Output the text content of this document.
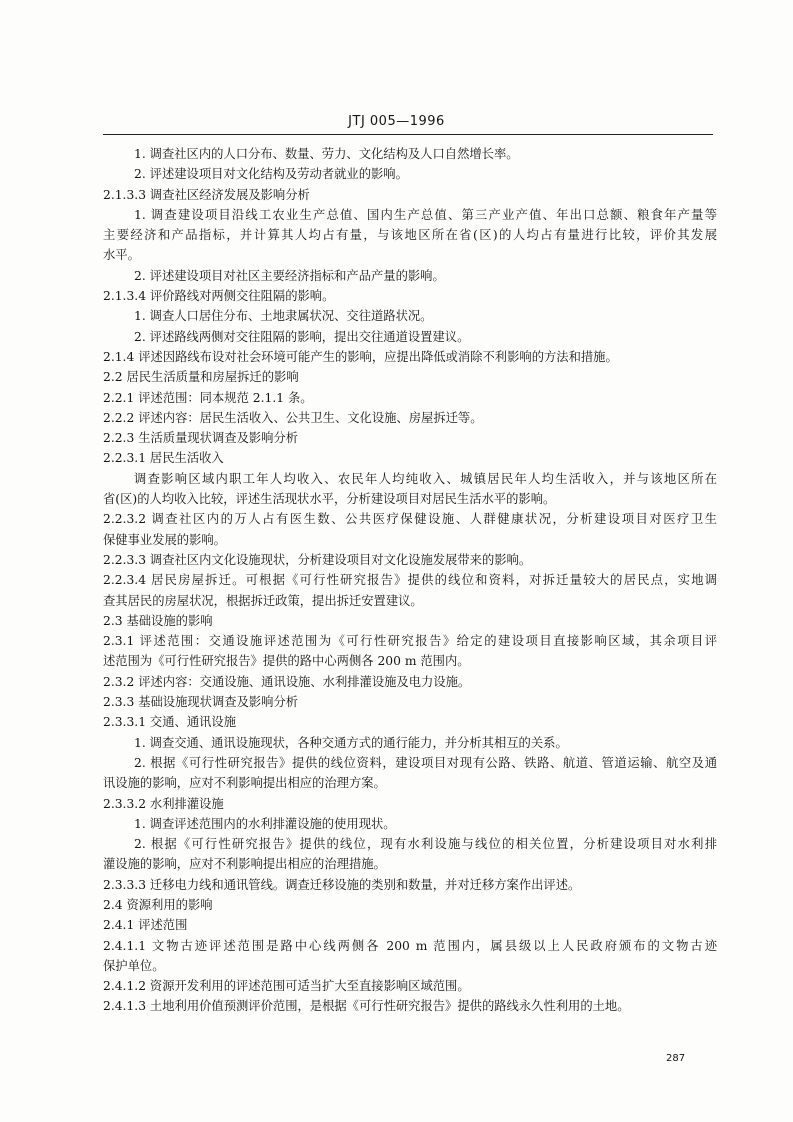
JTJ 005—1996
1. 调查社区内的人口分布、数量、劳力、文化结构及人口自然增长率。
2. 评述建设项目对文化结构及劳动者就业的影响。
2.1.3.3 调查社区经济发展及影响分析
1. 调查建设项目沿线工农业生产总值、国内生产总值、第三产业产值、年出口总额、粮食年产量等
主要经济和产品指标，并计算其人均占有量，与该地区所在省(区)的人均占有量进行比较，评价其发展
水平。
2. 评述建设项目对社区主要经济指标和产品产量的影响。
2.1.3.4 评价路线对两侧交往阻隔的影响。
1. 调查人口居住分布、土地隶属状况、交往道路状况。
2. 评述路线两侧对交往阻隔的影响，提出交往通道设置建议。
2.1.4 评述因路线布设对社会环境可能产生的影响，应提出降低或消除不利影响的方法和措施。
2.2 居民生活质量和房屋拆迁的影响
2.2.1 评述范围：同本规范 2.1.1 条。
2.2.2 评述内容：居民生活收入、公共卫生、文化设施、房屋拆迁等。
2.2.3 生活质量现状调查及影响分析
2.2.3.1 居民生活收入
调查影响区域内职工年人均收入、农民年人均纯收入、城镇居民年人均生活收入，并与该地区所在
省(区)的人均收入比较，评述生活现状水平，分析建设项目对居民生活水平的影响。
2.2.3.2 调查社区内的万人占有医生数、公共医疗保健设施、人群健康状况，分析建设项目对医疗卫生
保健事业发展的影响。
2.2.3.3 调查社区内文化设施现状，分析建设项目对文化设施发展带来的影响。
2.2.3.4 居民房屋拆迁。可根据《可行性研究报告》提供的线位和资料，对拆迁量较大的居民点，实地调
查其居民的房屋状况，根据拆迁政策，提出拆迁安置建议。
2.3 基础设施的影响
2.3.1 评述范围：交通设施评述范围为《可行性研究报告》给定的建设项目直接影响区域，其余项目评
述范围为《可行性研究报告》提供的路中心两侧各 200 m 范围内。
2.3.2 评述内容：交通设施、通讯设施、水利排灌设施及电力设施。
2.3.3 基础设施现状调查及影响分析
2.3.3.1 交通、通讯设施
1. 调查交通、通讯设施现状，各种交通方式的通行能力，并分析其相互的关系。
2. 根据《可行性研究报告》提供的线位资料，建设项目对现有公路、铁路、航道、管道运输、航空及通
讯设施的影响，应对不利影响提出相应的治理方案。
2.3.3.2 水利排灌设施
1. 调查评述范围内的水利排灌设施的使用现状。
2. 根据《可行性研究报告》提供的线位，现有水利设施与线位的相关位置，分析建设项目对水利排
灌设施的影响，应对不利影响提出相应的治理措施。
2.3.3.3 迁移电力线和通讯管线。调查迁移设施的类别和数量，并对迁移方案作出评述。
2.4 资源利用的影响
2.4.1 评述范围
2.4.1.1 文物古迹评述范围是路中心线两侧各 200 m 范围内，属县级以上人民政府颁布的文物古迹
保护单位。
2.4.1.2 资源开发利用的评述范围可适当扩大至直接影响区域范围。
2.4.1.3 土地利用价值预测评价范围，是根据《可行性研究报告》提供的路线永久性利用的土地。
287
